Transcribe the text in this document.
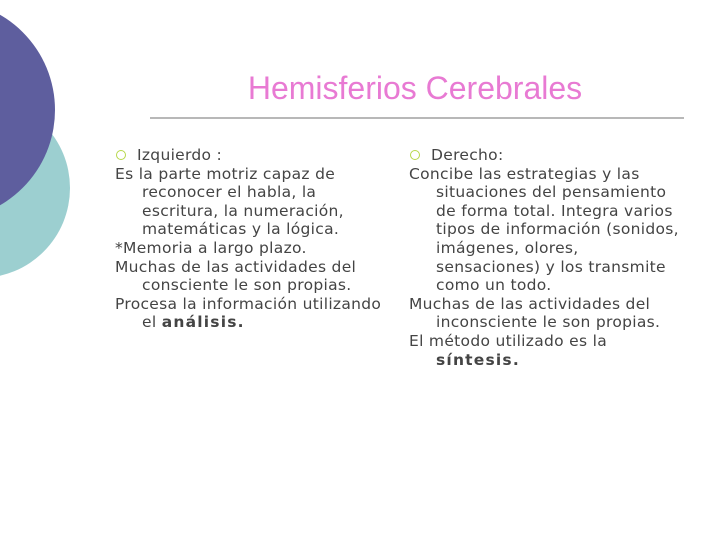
Hemisferios Cerebrales
Izquierdo :

Es la parte motriz capaz de reconocer el habla, la escritura, la numeración, matemáticas y la lógica.

*Memoria a largo plazo.

Muchas de las actividades del consciente le son propias.

Procesa la información utilizando el análisis.

Derecho:

Concibe las estrategias y las situaciones del pensamiento de forma total. Integra varios tipos de información (sonidos, imágenes, olores, sensaciones) y los transmite como un todo.

Muchas de las actividades del inconsciente le son propias.

El método utilizado es la síntesis.
